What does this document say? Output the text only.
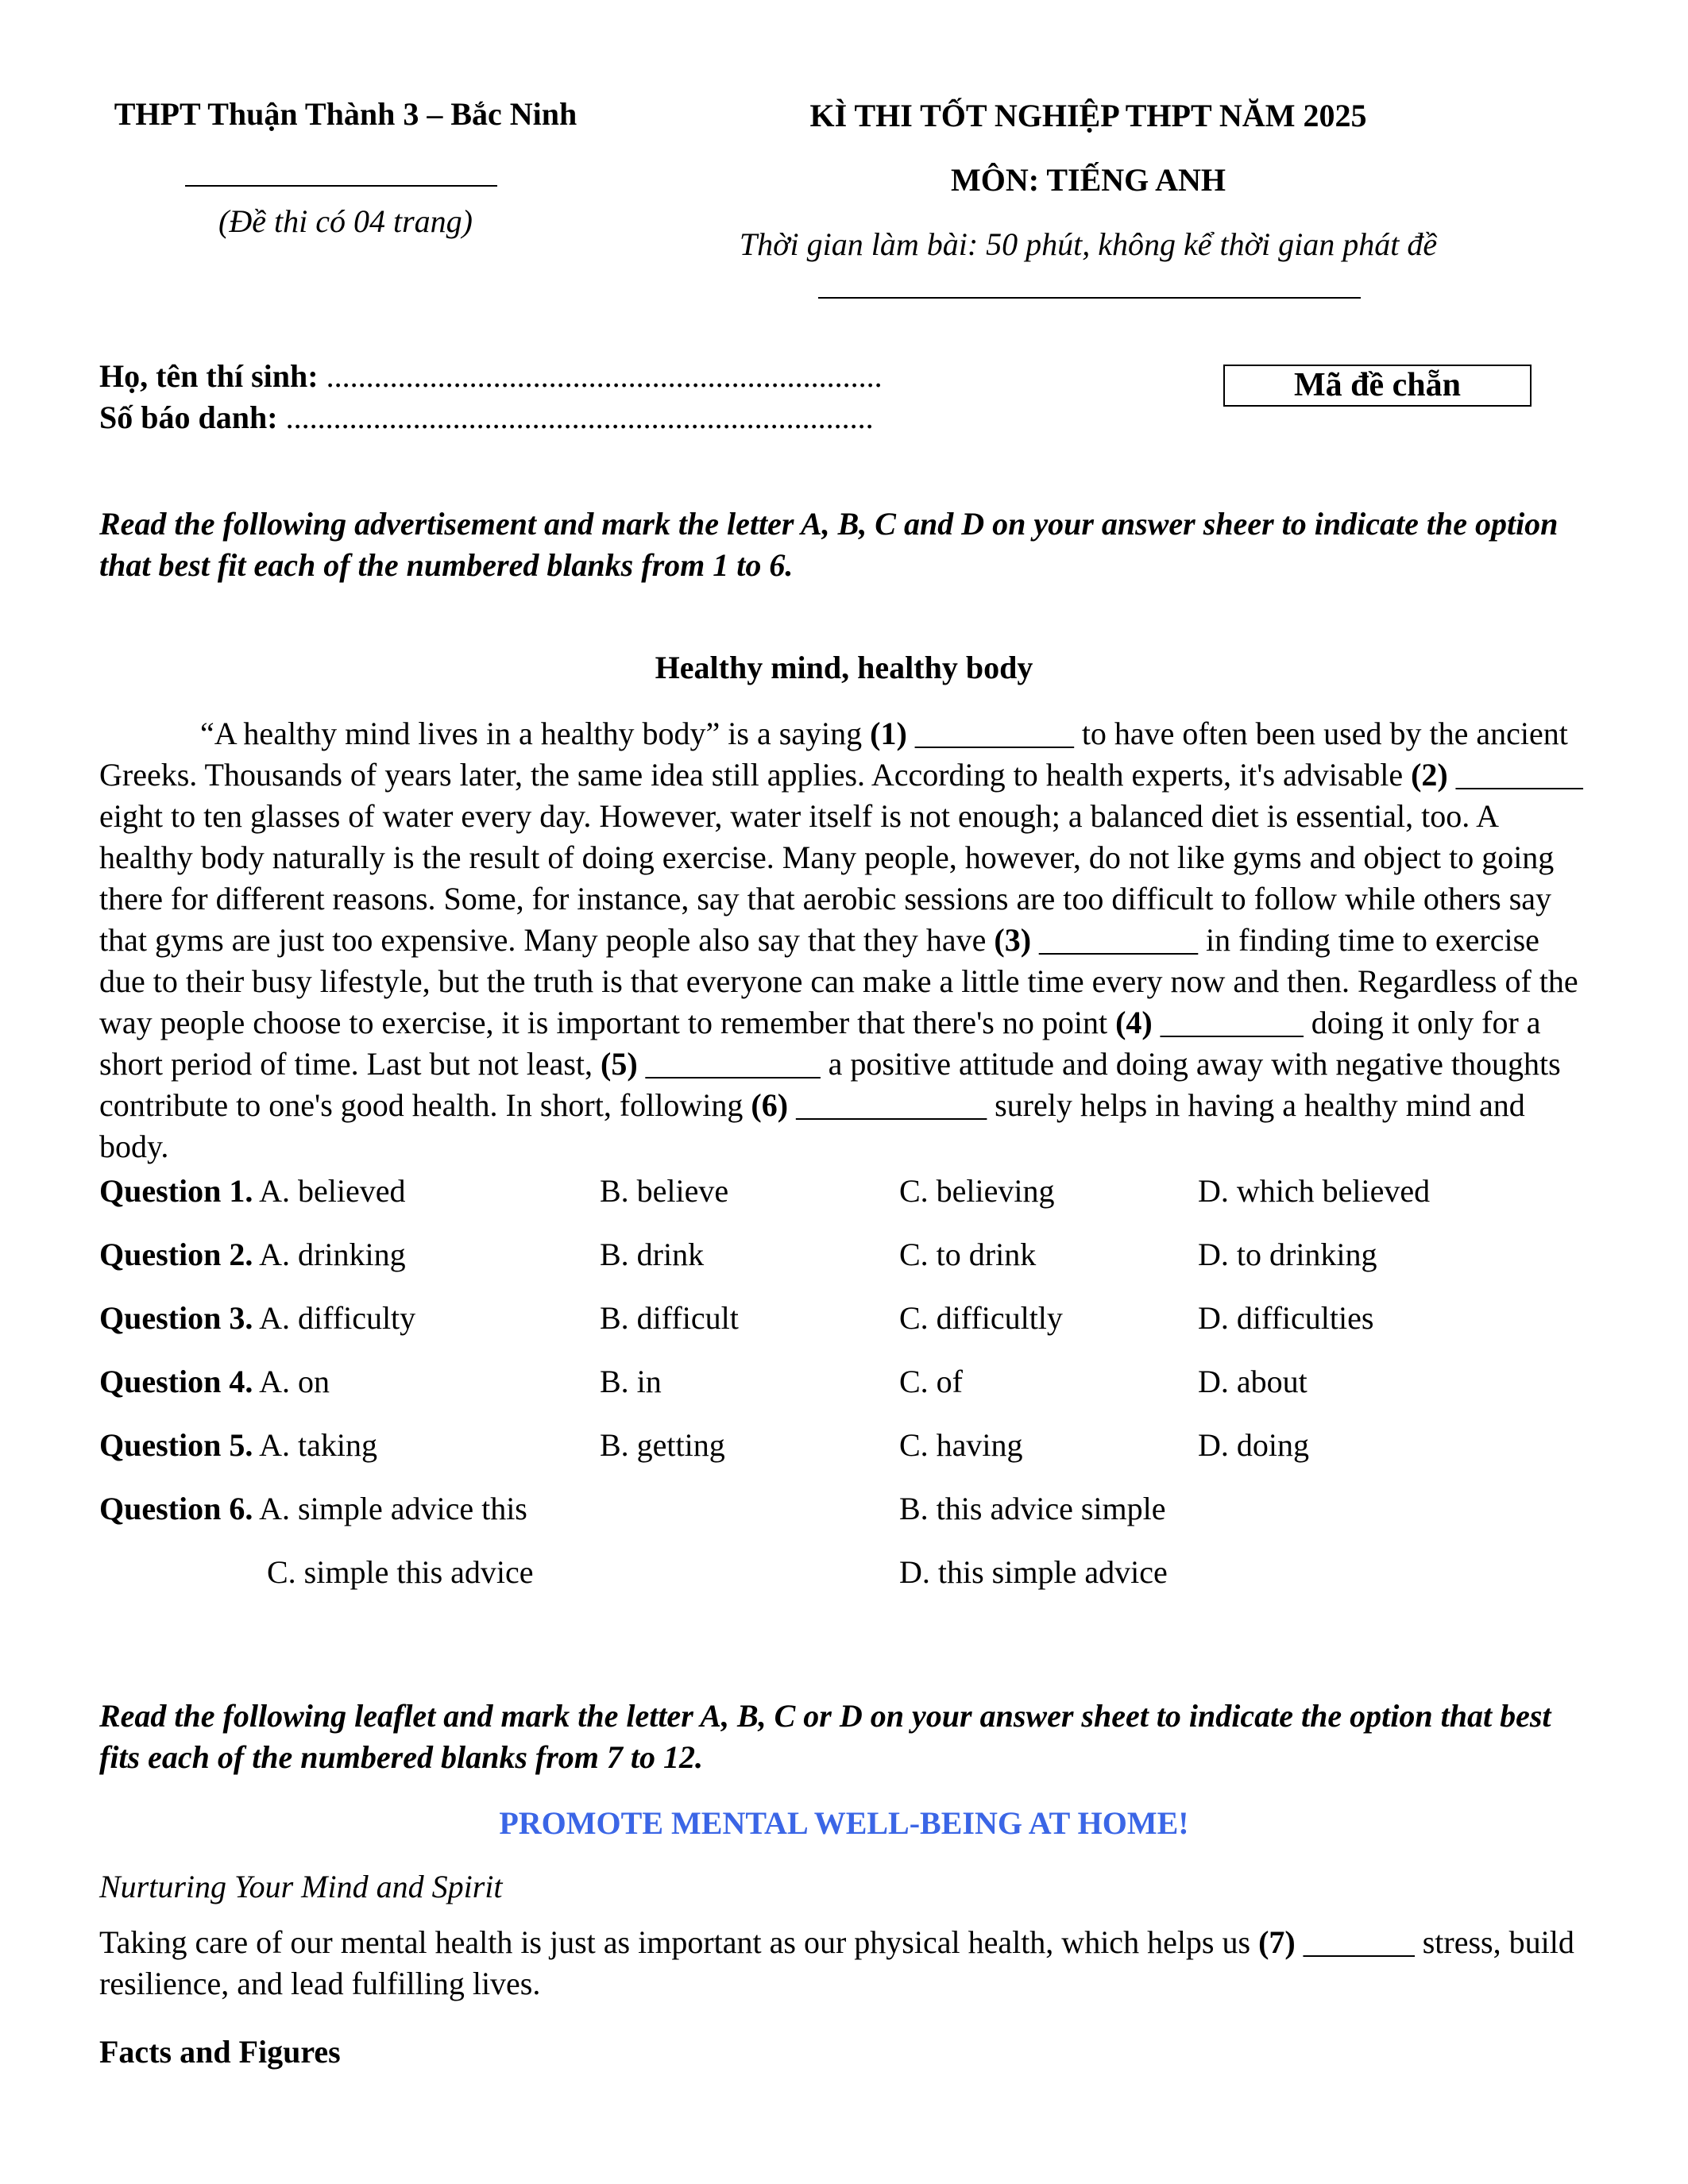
THPT Thuận Thành 3 – Bắc Ninh
(Đề thi có 04 trang)
KÌ THI TỐT NGHIỆP THPT NĂM 2025
MÔN: TIẾNG ANH
Thời gian làm bài: 50 phút, không kể thời gian phát đề
Họ, tên thí sinh: ......................................................................
Số báo danh: ..........................................................................
Mã đề chẵn
Read the following advertisement and mark the letter A, B, C and D on your answer sheer to indicate the option that best fit each of the numbered blanks from 1 to 6.
Healthy mind, healthy body
“A healthy mind lives in a healthy body” is a saying (1) __________ to have often been used by the ancient Greeks. Thousands of years later, the same idea still applies. According to health experts, it's advisable (2) ________ eight to ten glasses of water every day. However, water itself is not enough; a balanced diet is essential, too. A healthy body naturally is the result of doing exercise. Many people, however, do not like gyms and object to going there for different reasons. Some, for instance, say that aerobic sessions are too difficult to follow while others say that gyms are just too expensive. Many people also say that they have (3) __________ in finding time to exercise due to their busy lifestyle, but the truth is that everyone can make a little time every now and then. Regardless of the way people choose to exercise, it is important to remember that there's no point (4) _________ doing it only for a short period of time. Last but not least, (5) ___________ a positive attitude and doing away with negative thoughts contribute to one's good health. In short, following (6) ____________ surely helps in having a healthy mind and body.
Question 1. A. believed	B. believe	C. believing	D. which believed
Question 2. A. drinking	B. drink	C. to drink	D. to drinking
Question 3. A. difficulty	B. difficult	C. difficultly	D. difficulties
Question 4. A. on	B. in	C. of	D. about
Question 5. A. taking	B. getting	C. having	D. doing
Question 6. A. simple advice this	B. this advice simple
C. simple this advice	D. this simple advice
Read the following leaflet and mark the letter A, B, C or D on your answer sheet to indicate the option that best fits each of the numbered blanks from 7 to 12.
PROMOTE MENTAL WELL-BEING AT HOME!
Nurturing Your Mind and Spirit
Taking care of our mental health is just as important as our physical health, which helps us (7) _______ stress, build resilience, and lead fulfilling lives.
Facts and Figures
